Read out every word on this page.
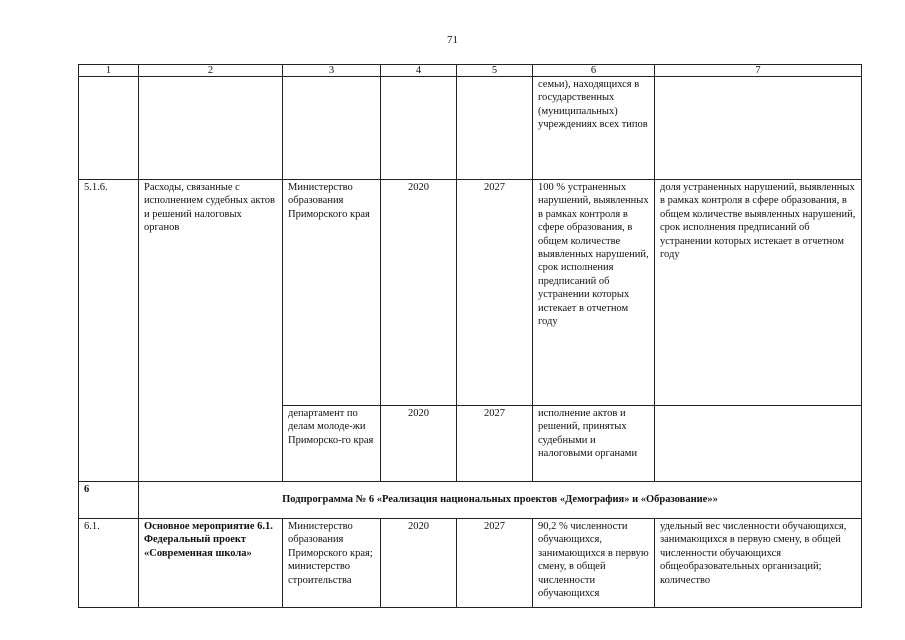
71
1	2	3	4	5	6	7
					семьи), находящихся в государственных (муниципальных) учреждениях всех типов	
5.1.6.	Расходы, связанные с исполнением судебных актов и решений налоговых органов	Министерство образования Приморского края	2020	2027	100 % устраненных нарушений, выявленных в рамках контроля в сфере образования, в общем количестве выявленных нарушений, срок исполнения предписаний об устранении которых истекает в отчетном году	доля устраненных нарушений, выявленных в рамках контроля в сфере образования, в общем количестве выявленных нарушений, срок исполнения предписаний об устранении которых истекает в отчетном году
		департамент по делам молоде-жи Приморско-го края	2020	2027	исполнение актов и решений, принятых судебными и налоговыми органами	
6	Подпрограмма № 6 «Реализация национальных проектов «Демография» и «Образование»»					
6.1.	Основное мероприятие 6.1. Федеральный проект «Современная школа»	Министерство образования Приморского края; министерство строительства	2020	2027	90,2 % численности обучающихся, занимающихся в первую смену, в общей численности обучающихся	удельный вес численности обучающихся, занимающихся в первую смену, в общей численности обучающихся общеобразовательных организаций; количество
